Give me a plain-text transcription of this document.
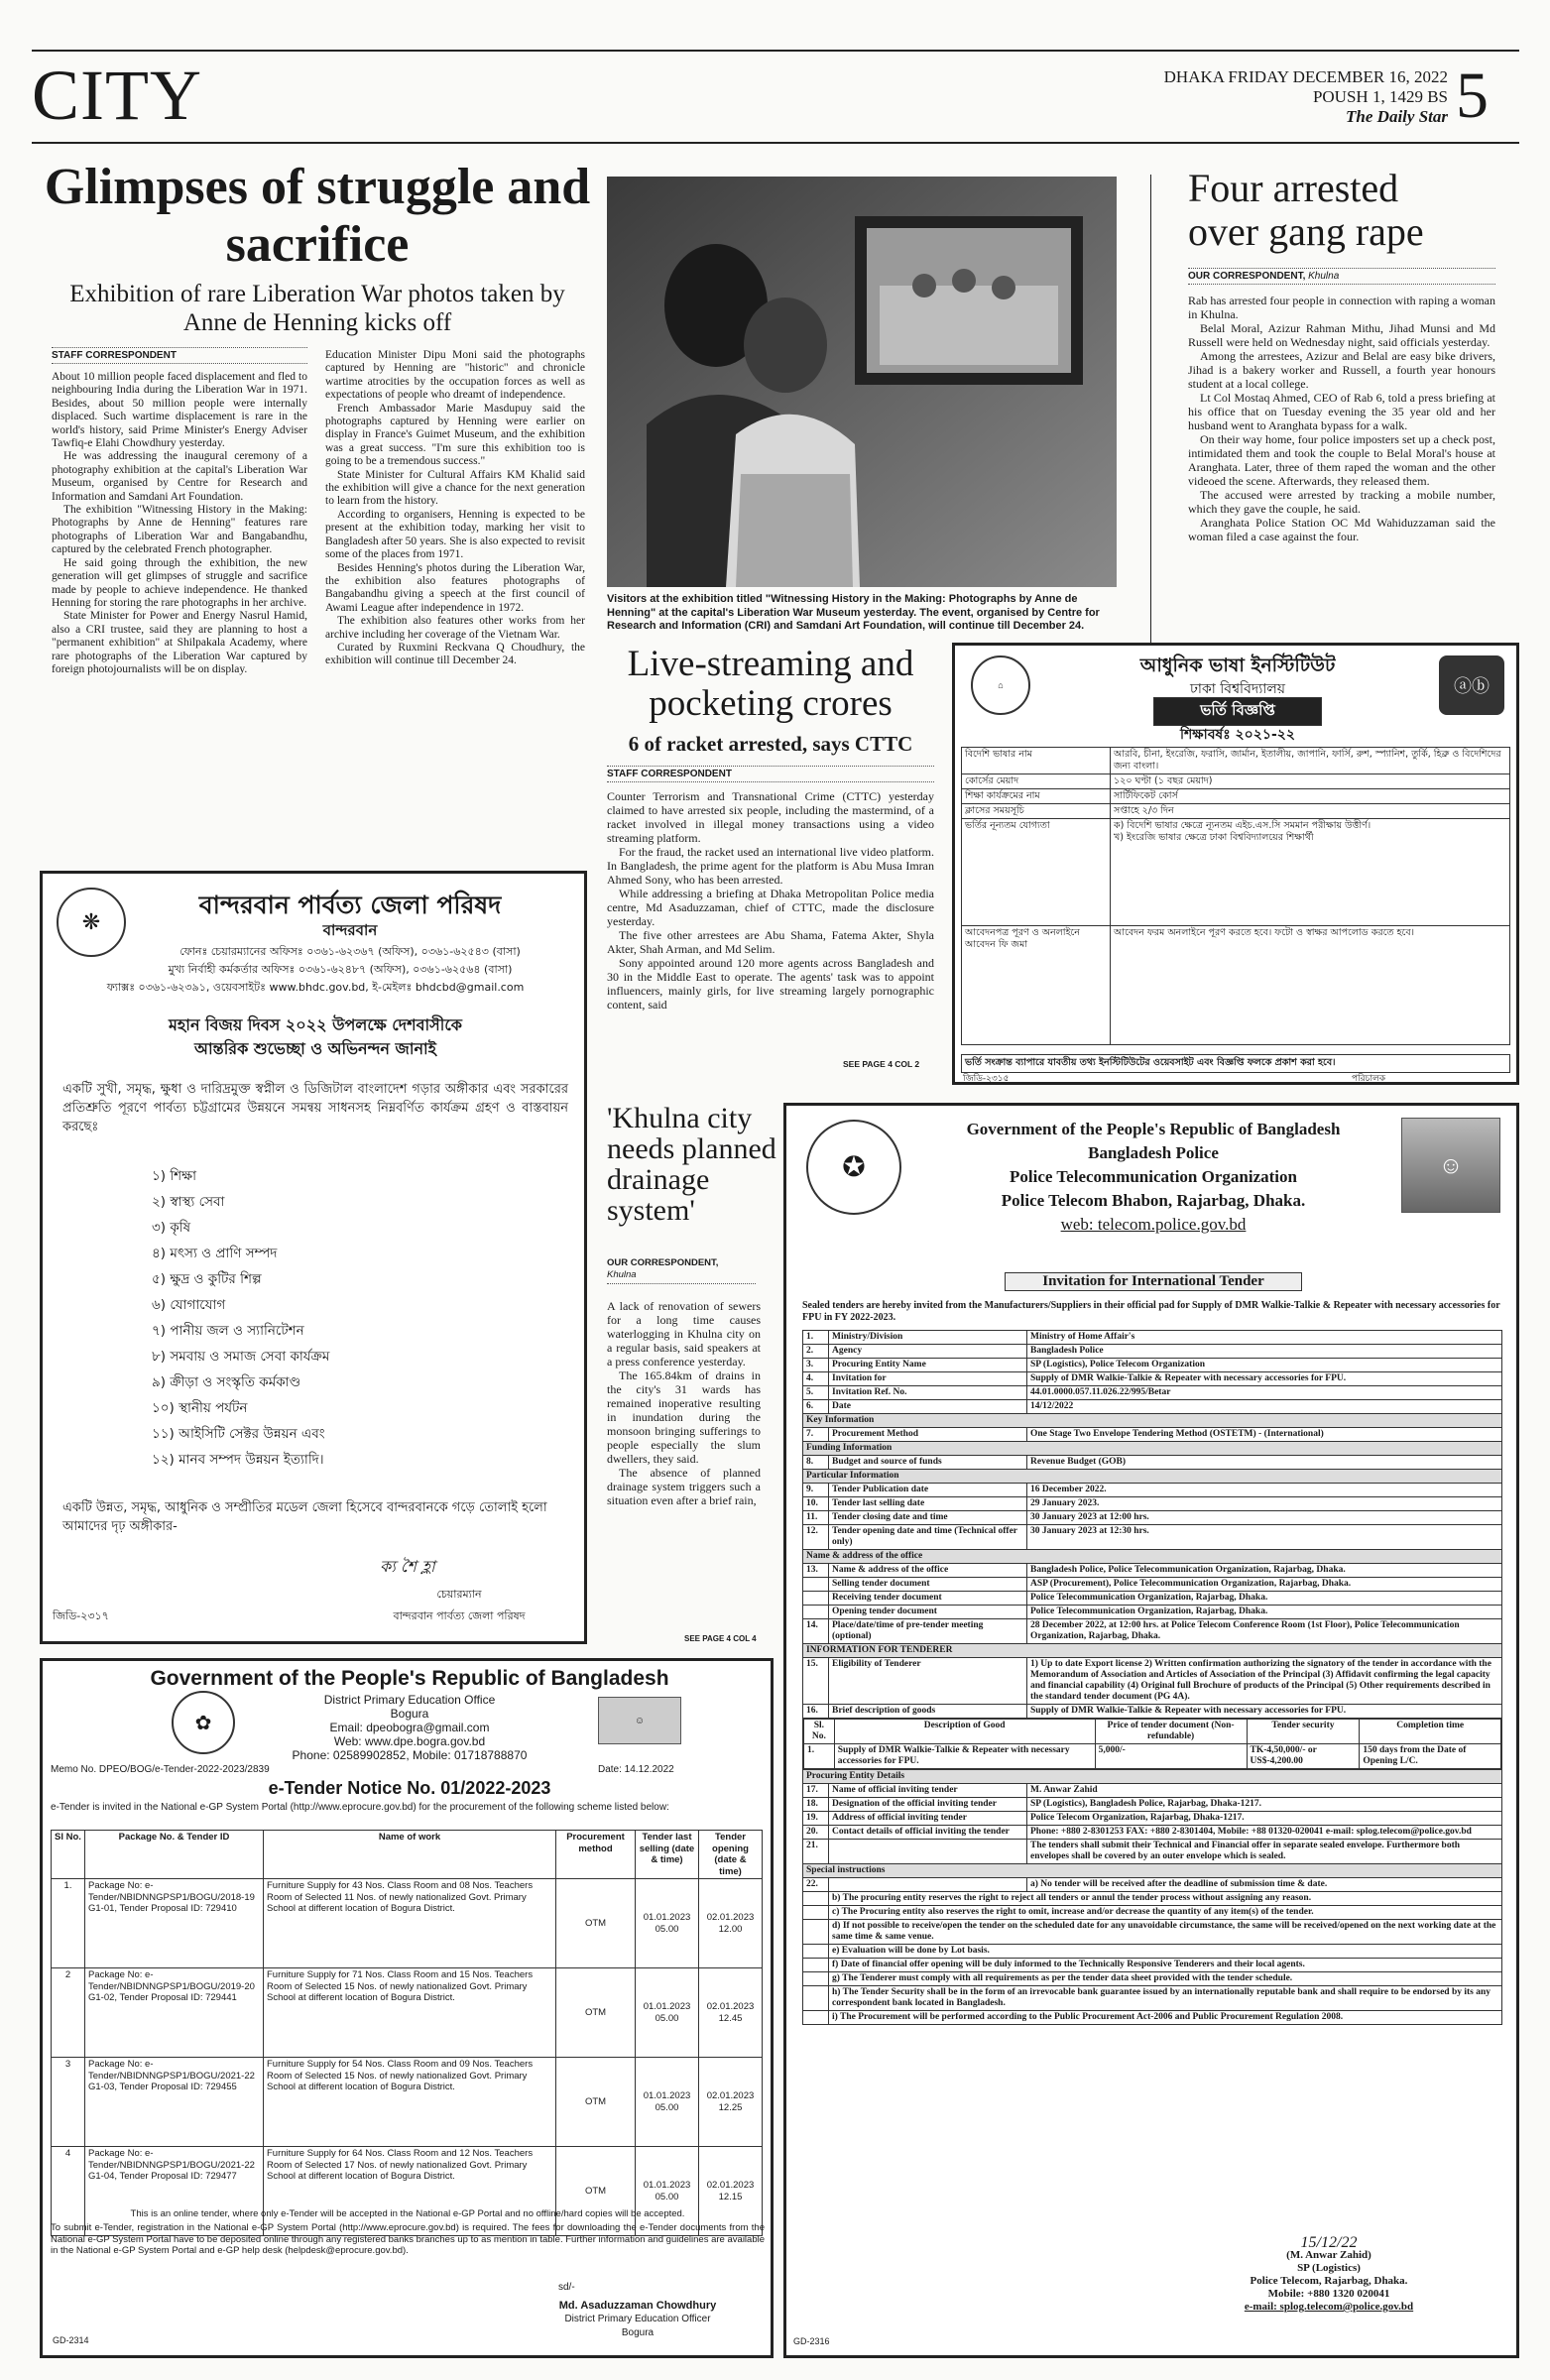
CITY	DHAKA FRIDAY DECEMBER 16, 2022
POUSH 1, 1429 BS
The Daily Star 5
Glimpses of struggle and sacrifice
Exhibition of rare Liberation War photos taken by Anne de Henning kicks off
STAFF CORRESPONDENT

About 10 million people faced displacement and fled to neighbouring India during the Liberation War in 1971. Besides, about 50 million people were internally displaced. Such wartime displacement is rare in the world's history, said Prime Minister's Energy Adviser Tawfiq-e Elahi Chowdhury yesterday.

He was addressing the inaugural ceremony of a photography exhibition at the capital's Liberation War Museum, organised by Centre for Research and Information and Samdani Art Foundation.

The exhibition "Witnessing History in the Making: Photographs by Anne de Henning" features rare photographs of Liberation War and Bangabandhu, captured by the celebrated French photographer.

He said going through the exhibition, the new generation will get glimpses of struggle and sacrifice made by people to achieve independence. He thanked Henning for storing the rare photographs in her archive.

State Minister for Power and Energy Nasrul Hamid, also a CRI trustee, said they are planning to host a "permanent exhibition" at Shilpakala Academy, where rare photographs of the Liberation War captured by foreign photojournalists will be on display.

Education Minister Dipu Moni said the photographs captured by Henning are "historic" and chronicle wartime atrocities by the occupation forces as well as expectations of people who dreamt of independence.

French Ambassador Marie Masdupuy said the photographs captured by Henning were earlier on display in France's Guimet Museum, and the exhibition was a great success. "I'm sure this exhibition too is going to be a tremendous success."

State Minister for Cultural Affairs KM Khalid said the exhibition will give a chance for the next generation to learn from the history.

According to organisers, Henning is expected to be present at the exhibition today, marking her visit to Bangladesh after 50 years. She is also expected to revisit some of the places from 1971.

Besides Henning's photos during the Liberation War, the exhibition also features photographs of Bangabandhu giving a speech at the first council of Awami League after independence in 1972.

The exhibition also features other works from her archive including her coverage of the Vietnam War.

Curated by Ruxmini Reckvana Q Choudhury, the exhibition will continue till December 24.

Visitors at the exhibition titled "Witnessing History in the Making: Photographs by Anne de Henning" at the capital's Liberation War Museum yesterday. The event, organised by Centre for Research and Information (CRI) and Samdani Art Foundation, will continue till December 24.
Four arrested over gang rape
OUR CORRESPONDENT, Khulna

Rab has arrested four people in connection with raping a woman in Khulna.

Belal Moral, Azizur Rahman Mithu, Jihad Munsi and Md Russell were held on Wednesday night, said officials yesterday.

Among the arrestees, Azizur and Belal are easy bike drivers, Jihad is a bakery worker and Russell, a fourth year honours student at a local college.

Lt Col Mostaq Ahmed, CEO of Rab 6, told a press briefing at his office that on Tuesday evening the 35 year old and her husband went to Aranghata bypass for a walk.

On their way home, four police imposters set up a check post, intimidated them and took the couple to Belal Moral's house at Aranghata. Later, three of them raped the woman and the other videoed the scene. Afterwards, they released them.

The accused were arrested by tracking a mobile number, which they gave the couple, he said.

Aranghata Police Station OC Md Wahiduzzaman said the woman filed a case against the four.

Live-streaming and pocketing crores
6 of racket arrested, says CTTC
STAFF CORRESPONDENT

Counter Terrorism and Transnational Crime (CTTC) yesterday claimed to have arrested six people, including the mastermind, of a racket involved in illegal money transactions using a video streaming platform.

For the fraud, the racket used an international live video platform. In Bangladesh, the prime agent for the platform is Abu Musa Imran Ahmed Sony, who has been arrested.

While addressing a briefing at Dhaka Metropolitan Police media centre, Md Asaduzzaman, chief of CTTC, made the disclosure yesterday.

The five other arrestees are Abu Shama, Fatema Akter, Shyla Akter, Shah Arman, and Md Selim.

Sony appointed around 120 more agents across Bangladesh and 30 in the Middle East to operate. The agents' task was to appoint influencers, mainly girls, for live streaming largely pornographic content, said

SEE PAGE 4 COL 2
⌂	ⓐⓑ
আধুনিক ভাষা ইনস্টিটিউট
ঢাকা বিশ্ববিদ্যালয়
ভর্তি বিজ্ঞপ্তি
শিক্ষাবর্ষঃ ২০২১-২২
বিদেশি ভাষার নাম	আরবি, চীনা, ইংরেজি, ফরাসি, জার্মান, ইতালীয়, জাপানি, ফার্সি, রুশ, স্প্যানিশ, তুর্কি, হিব্রু ও বিদেশিদের জন্য বাংলা।
কোর্সের মেয়াদ	১২০ ঘণ্টা (১ বছর মেয়াদ)
শিক্ষা কার্যক্রমের নাম	সার্টিফিকেট কোর্স
ক্লাসের সময়সূচি	সপ্তাহে ২/৩ দিন
ভর্তির নূন্যতম যোগ্যতা	ক) বিদেশি ভাষার ক্ষেত্রে ন্যূনতম এইচ.এস.সি সমমান পরীক্ষায় উত্তীর্ণ।
খ) ইংরেজি ভাষার ক্ষেত্রে ঢাকা বিশ্ববিদ্যালয়ের শিক্ষার্থী
আবেদনপত্র পূরণ ও অনলাইনে আবেদন ফি জমা	আবেদন ফরম অনলাইনে পূরণ করতে হবে। ফটো ও স্বাক্ষর আপলোড করতে হবে।
ভর্তি সংক্রান্ত ব্যাপারে যাবতীয় তথ্য ইনস্টিটিউটের ওয়েবসাইট এবং বিজ্ঞপ্তি ফলকে প্রকাশ করা হবে।
জিডি-২৩১৫	পরিচালক
'Khulna city needs planned drainage system'
OUR CORRESPONDENT,
Khulna

A lack of renovation of sewers for a long time causes waterlogging in Khulna city on a regular basis, said speakers at a press conference yesterday.

The 165.84km of drains in the city's 31 wards has remained inoperative resulting in inundation during the monsoon bringing sufferings to people especially the slum dwellers, they said.

The absence of planned drainage system triggers such a situation even after a brief rain,

SEE PAGE 4 COL 4
❋
বান্দরবান পার্বত্য জেলা পরিষদ
বান্দরবান
ফোনঃ চেয়ারম্যানের অফিসঃ ০৩৬১-৬২৩৬৭ (অফিস), ০৩৬১-৬২৫৪৩ (বাসা)
মুখ্য নির্বাহী কর্মকর্তার অফিসঃ ০৩৬১-৬২৪৮৭ (অফিস), ০৩৬১-৬২৫৬৪ (বাসা)
ফ্যাক্সঃ ০৩৬১-৬২৩৯১, ওয়েবসাইটঃ www.bhdc.gov.bd, ই-মেইলঃ bhdcbd@gmail.com
মহান বিজয় দিবস ২০২২ উপলক্ষে দেশবাসীকে
আন্তরিক শুভেচ্ছা ও অভিনন্দন জানাই
একটি সুখী, সমৃদ্ধ, ক্ষুধা ও দারিদ্রমুক্ত স্বপ্নীল ও ডিজিটাল বাংলাদেশ গড়ার অঙ্গীকার এবং সরকারের প্রতিশ্রুতি পূরণে পার্বত্য চট্টগ্রামের উন্নয়নে সমন্বয় সাধনসহ নিম্নবর্ণিত কার্যক্রম গ্রহণ ও বাস্তবায়ন করছেঃ
১) শিক্ষা
২) স্বাস্থ্য সেবা
৩) কৃষি
৪) মৎস্য ও প্রাণি সম্পদ
৫) ক্ষুদ্র ও কুটির শিল্প
৬) যোগাযোগ
৭) পানীয় জল ও স্যানিটেশন
৮) সমবায় ও সমাজ সেবা কার্যক্রম
৯) ক্রীড়া ও সংস্কৃতি কর্মকাণ্ড
১০) স্থানীয় পর্যটন
১১) আইসিটি সেক্টর উন্নয়ন এবং
১২) মানব সম্পদ উন্নয়ন ইত্যাদি।
একটি উন্নত, সমৃদ্ধ, আধুনিক ও সম্প্রীতির মডেল জেলা হিসেবে বান্দরবানকে গড়ে তোলাই হলো আমাদের দৃঢ় অঙ্গীকার-
ক্য শৈ হ্লা
চেয়ারম্যান
বান্দরবান পার্বত্য জেলা পরিষদ
জিডি-২৩১৭
✿	☺
Government of the People's Republic of Bangladesh
District Primary Education Office
Bogura
Email: dpeobogra@gmail.com
Web: www.dpe.bogra.gov.bd
Phone: 02589902852, Mobile: 01718788870
Memo No. DPEO/BOG/e-Tender-2022-2023/2839	Date: 14.12.2022
e-Tender Notice No. 01/2022-2023
e-Tender is invited in the National e-GP System Portal (http://www.eprocure.gov.bd) for the procurement of the following scheme listed below:
Sl No.	Package No. & Tender ID	Name of work	Procurement method	Tender last selling (date & time)	Tender opening (date & time)
1.	Package No: e-Tender/NBIDNNGPSP1/BOGU/2018-19 G1-01, Tender Proposal ID: 729410	Furniture Supply for 43 Nos. Class Room and 08 Nos. Teachers Room of Selected 11 Nos. of newly nationalized Govt. Primary School at different location of Bogura District.	OTM	01.01.2023 05.00	02.01.2023 12.00
2	Package No: e-Tender/NBIDNNGPSP1/BOGU/2019-20 G1-02, Tender Proposal ID: 729441	Furniture Supply for 71 Nos. Class Room and 15 Nos. Teachers Room of Selected 15 Nos. of newly nationalized Govt. Primary School at different location of Bogura District.	OTM	01.01.2023 05.00	02.01.2023 12.45
3	Package No: e-Tender/NBIDNNGPSP1/BOGU/2021-22 G1-03, Tender Proposal ID: 729455	Furniture Supply for 54 Nos. Class Room and 09 Nos. Teachers Room of Selected 15 Nos. of newly nationalized Govt. Primary School at different location of Bogura District.	OTM	01.01.2023 05.00	02.01.2023 12.25
4	Package No: e-Tender/NBIDNNGPSP1/BOGU/2021-22 G1-04, Tender Proposal ID: 729477	Furniture Supply for 64 Nos. Class Room and 12 Nos. Teachers Room of Selected 17 Nos. of newly nationalized Govt. Primary School at different location of Bogura District.	OTM	01.01.2023 05.00	02.01.2023 12.15
This is an online tender, where only e-Tender will be accepted in the National e-GP Portal and no offline/hard copies will be accepted.
To submit e-Tender, registration in the National e-GP System Portal (http://www.eprocure.gov.bd) is required. The fees for downloading the e-Tender documents from the National e-GP System Portal have to be deposited online through any registered banks branches up to as mention in table. Further information and guidelines are available in the National e-GP System Portal and e-GP help desk (helpdesk@eprocure.gov.bd).
sd/-
Md. Asaduzzaman Chowdhury
District Primary Education Officer
Bogura
GD-2314
✪	☺
Government of the People's Republic of Bangladesh
Bangladesh Police
Police Telecommunication Organization
Police Telecom Bhabon, Rajarbag, Dhaka.
web: telecom.police.gov.bd
Invitation for International Tender
Sealed tenders are hereby invited from the Manufacturers/Suppliers in their official pad for Supply of DMR Walkie-Talkie & Repeater with necessary accessories for FPU in FY 2022-2023.
1.	Ministry/Division	Ministry of Home Affair's
2.	Agency	Bangladesh Police
3.	Procuring Entity Name	SP (Logistics), Police Telecom Organization
4.	Invitation for	Supply of DMR Walkie-Talkie & Repeater with necessary accessories for FPU.
5.	Invitation Ref. No.	44.01.0000.057.11.026.22/995/Betar
6.	Date	14/12/2022
Key Information
7.	Procurement Method	One Stage Two Envelope Tendering Method (OSTETM) - (International)
Funding Information
8.	Budget and source of funds	Revenue Budget (GOB)
Particular Information
9.	Tender Publication date	16 December 2022.
10.	Tender last selling date	29 January 2023.
11.	Tender closing date and time	30 January 2023 at 12:00 hrs.
12.	Tender opening date and time (Technical offer only)	30 January 2023 at 12:30 hrs.
Name & address of the office
13.	Name & address of the office	Bangladesh Police, Police Telecommunication Organization, Rajarbag, Dhaka.
	Selling tender document	ASP (Procurement), Police Telecommunication Organization, Rajarbag, Dhaka.
	Receiving tender document	Police Telecommunication Organization, Rajarbag, Dhaka.
	Opening tender document	Police Telecommunication Organization, Rajarbag, Dhaka.
14.	Place/date/time of pre-tender meeting (optional)	28 December 2022, at 12:00 hrs. at Police Telecom Conference Room (1st Floor), Police Telecommunication Organization, Rajarbag, Dhaka.
INFORMATION FOR TENDERER
15.	Eligibility of Tenderer	1) Up to date Export license 2) Written confirmation authorizing the signatory of the tender in accordance with the Memorandum of Association and Articles of Association of the Principal (3) Affidavit confirming the legal capacity and financial capability (4) Original full Brochure of products of the Principal (5) Other requirements described in the standard tender document (PG 4A).
16.	Brief description of goods	Supply of DMR Walkie-Talkie & Repeater with necessary accessories for FPU.

Sl. No.	Description of Good	Price of tender document (Non-refundable)	Tender security	Completion time
1.	Supply of DMR Walkie-Talkie & Repeater with necessary accessories for FPU.	5,000/-	TK-4,50,000/- or US$-4,200.00	150 days from the Date of Opening L/C.

Procuring Entity Details
17.	Name of official inviting tender	M. Anwar Zahid
18.	Designation of the official inviting tender	SP (Logistics), Bangladesh Police, Rajarbag, Dhaka-1217.
19.	Address of official inviting tender	Police Telecom Organization, Rajarbag, Dhaka-1217.
20.	Contact details of official inviting the tender	Phone: +880 2-8301253 FAX: +880 2-8301404, Mobile: +88 01320-020041 e-mail: splog.telecom@police.gov.bd
21.		The tenders shall submit their Technical and Financial offer in separate sealed envelope. Furthermore both envelopes shall be covered by an outer envelope which is sealed.
Special instructions
22.		a) No tender will be received after the deadline of submission time & date.
	b) The procuring entity reserves the right to reject all tenders or annul the tender process without assigning any reason.
	c) The Procuring entity also reserves the right to omit, increase and/or decrease the quantity of any item(s) of the tender.
	d) If not possible to receive/open the tender on the scheduled date for any unavoidable circumstance, the same will be received/opened on the next working date at the same time & same venue.
	e) Evaluation will be done by Lot basis.
	f) Date of financial offer opening will be duly informed to the Technically Responsive Tenderers and their local agents.
	g) The Tenderer must comply with all requirements as per the tender data sheet provided with the tender schedule.
	h) The Tender Security shall be in the form of an irrevocable bank guarantee issued by an internationally reputable bank and shall require to be endorsed by its any correspondent bank located in Bangladesh.
	i) The Procurement will be performed according to the Public Procurement Act-2006 and Public Procurement Regulation 2008.
15/12/22
(M. Anwar Zahid)
SP (Logistics)
Police Telecom, Rajarbag, Dhaka.
Mobile: +880 1320 020041
e-mail: splog.telecom@police.gov.bd
GD-2316
